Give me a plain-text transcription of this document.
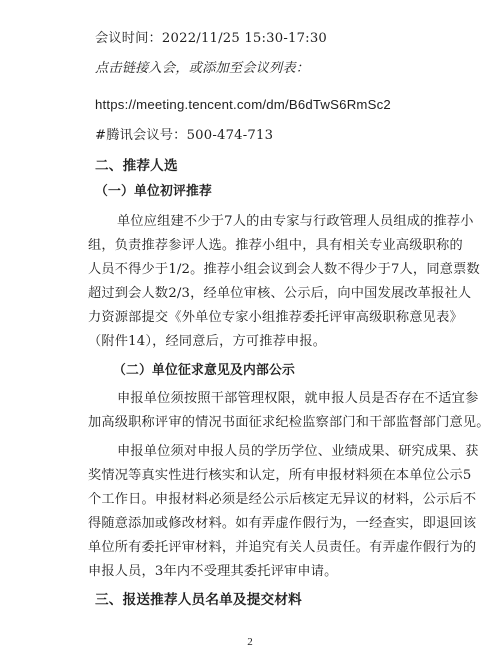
会议时间：2022/11/25 15:30-17:30
点击链接入会，或添加至会议列表：
https://meeting.tencent.com/dm/B6dTwS6RmSc2
#腾讯会议号：500-474-713
二、推荐人选
（一）单位初评推荐
单位应组建不少于7人的由专家与行政管理人员组成的推荐小
组，负责推荐参评人选。推荐小组中，具有相关专业高级职称的
人员不得少于1/2。推荐小组会议到会人数不得少于7人，同意票数
超过到会人数2/3，经单位审核、公示后，向中国发展改革报社人
力资源部提交《外单位专家小组推荐委托评审高级职称意见表》
（附件14），经同意后，方可推荐申报。
（二）单位征求意见及内部公示
申报单位须按照干部管理权限，就申报人员是否存在不适宜参
加高级职称评审的情况书面征求纪检监察部门和干部监督部门意见。
申报单位须对申报人员的学历学位、业绩成果、研究成果、获
奖情况等真实性进行核实和认定，所有申报材料须在本单位公示5
个工作日。申报材料必须是经公示后核定无异议的材料，公示后不
得随意添加或修改材料。如有弄虚作假行为，一经查实，即退回该
2
单位所有委托评审材料，并追究有关人员责任。有弄虚作假行为的
申报人员，3年内不受理其委托评审申请。
三、报送推荐人员名单及提交材料
